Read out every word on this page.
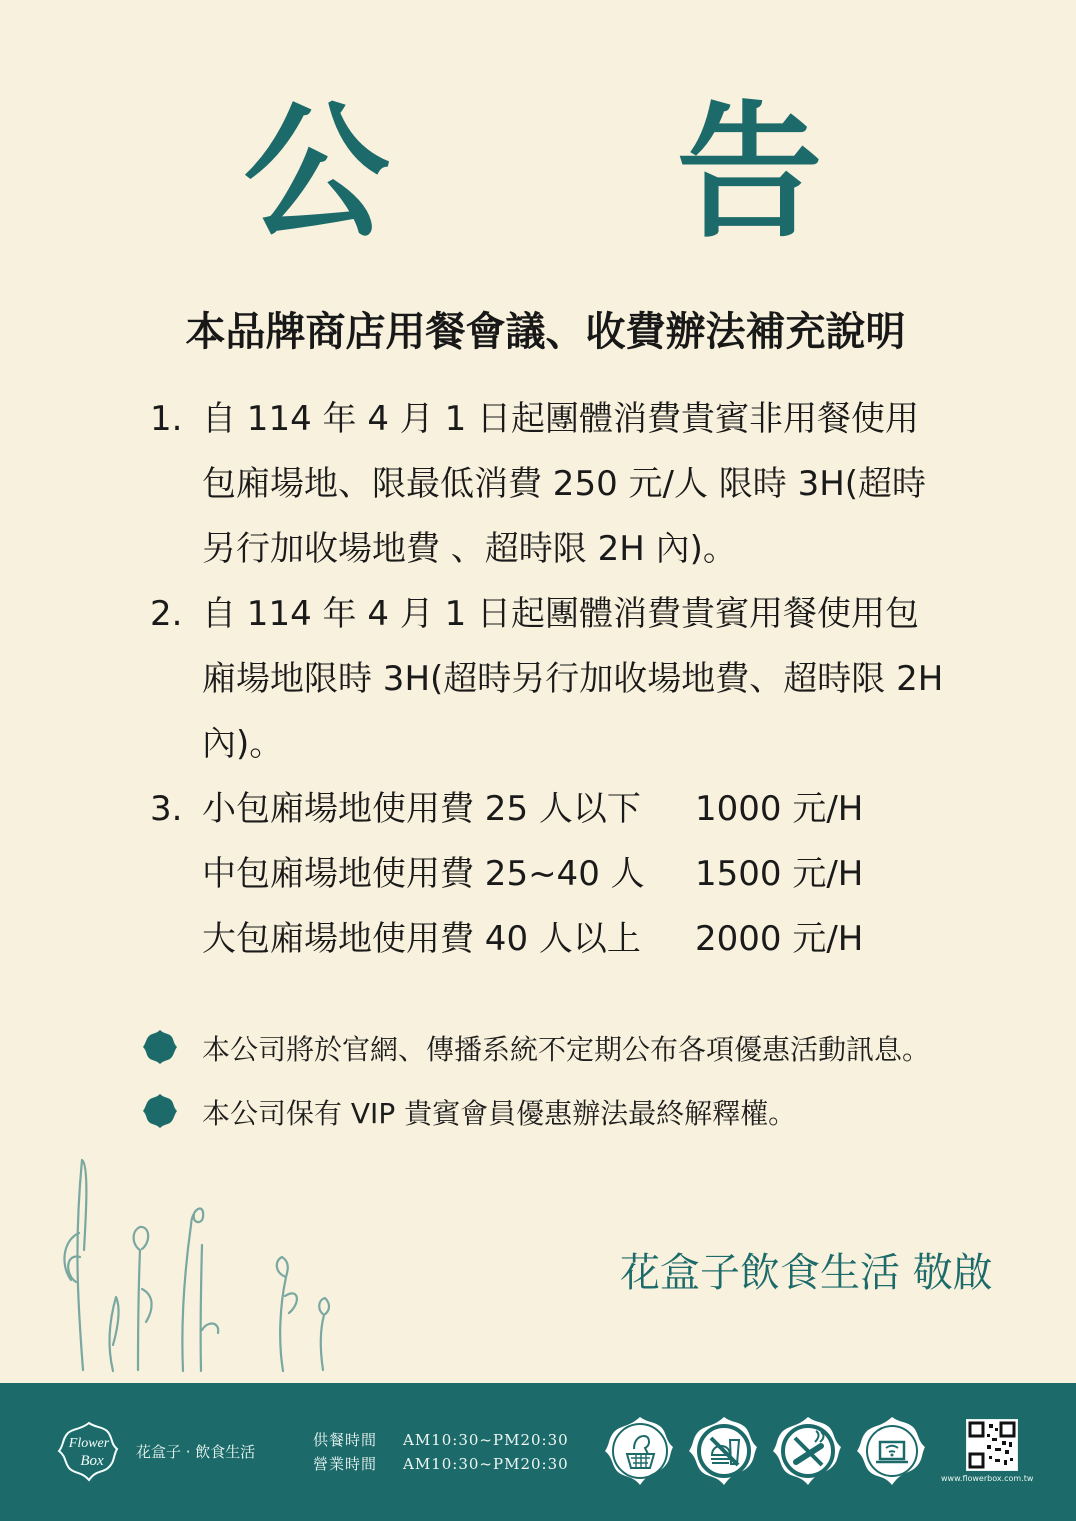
公 告
本品牌商店用餐會議、收費辦法補充說明
1. 自 114 年 4 月 1 日起團體消費貴賓非用餐使用
包廂場地、限最低消費 250 元/人 限時 3H(超時
另行加收場地費 、超時限 2H 內)。
2. 自 114 年 4 月 1 日起團體消費貴賓用餐使用包
廂場地限時 3H(超時另行加收場地費、超時限 2H
內)。
3. 小包廂場地使用費 25 人以下	1000 元/H
中包廂場地使用費 25~40 人	1500 元/H
大包廂場地使用費 40 人以上	2000 元/H
本公司將於官網、傳播系統不定期公布各項優惠活動訊息。
本公司保有 VIP 貴賓會員優惠辦法最終解釋權。
花盒子飲食生活 敬啟
Flower
Box 花盒子 · 飲食生活
供餐時間	AM10:30~PM20:30
營業時間	AM10:30~PM20:30
www.flowerbox.com.tw
